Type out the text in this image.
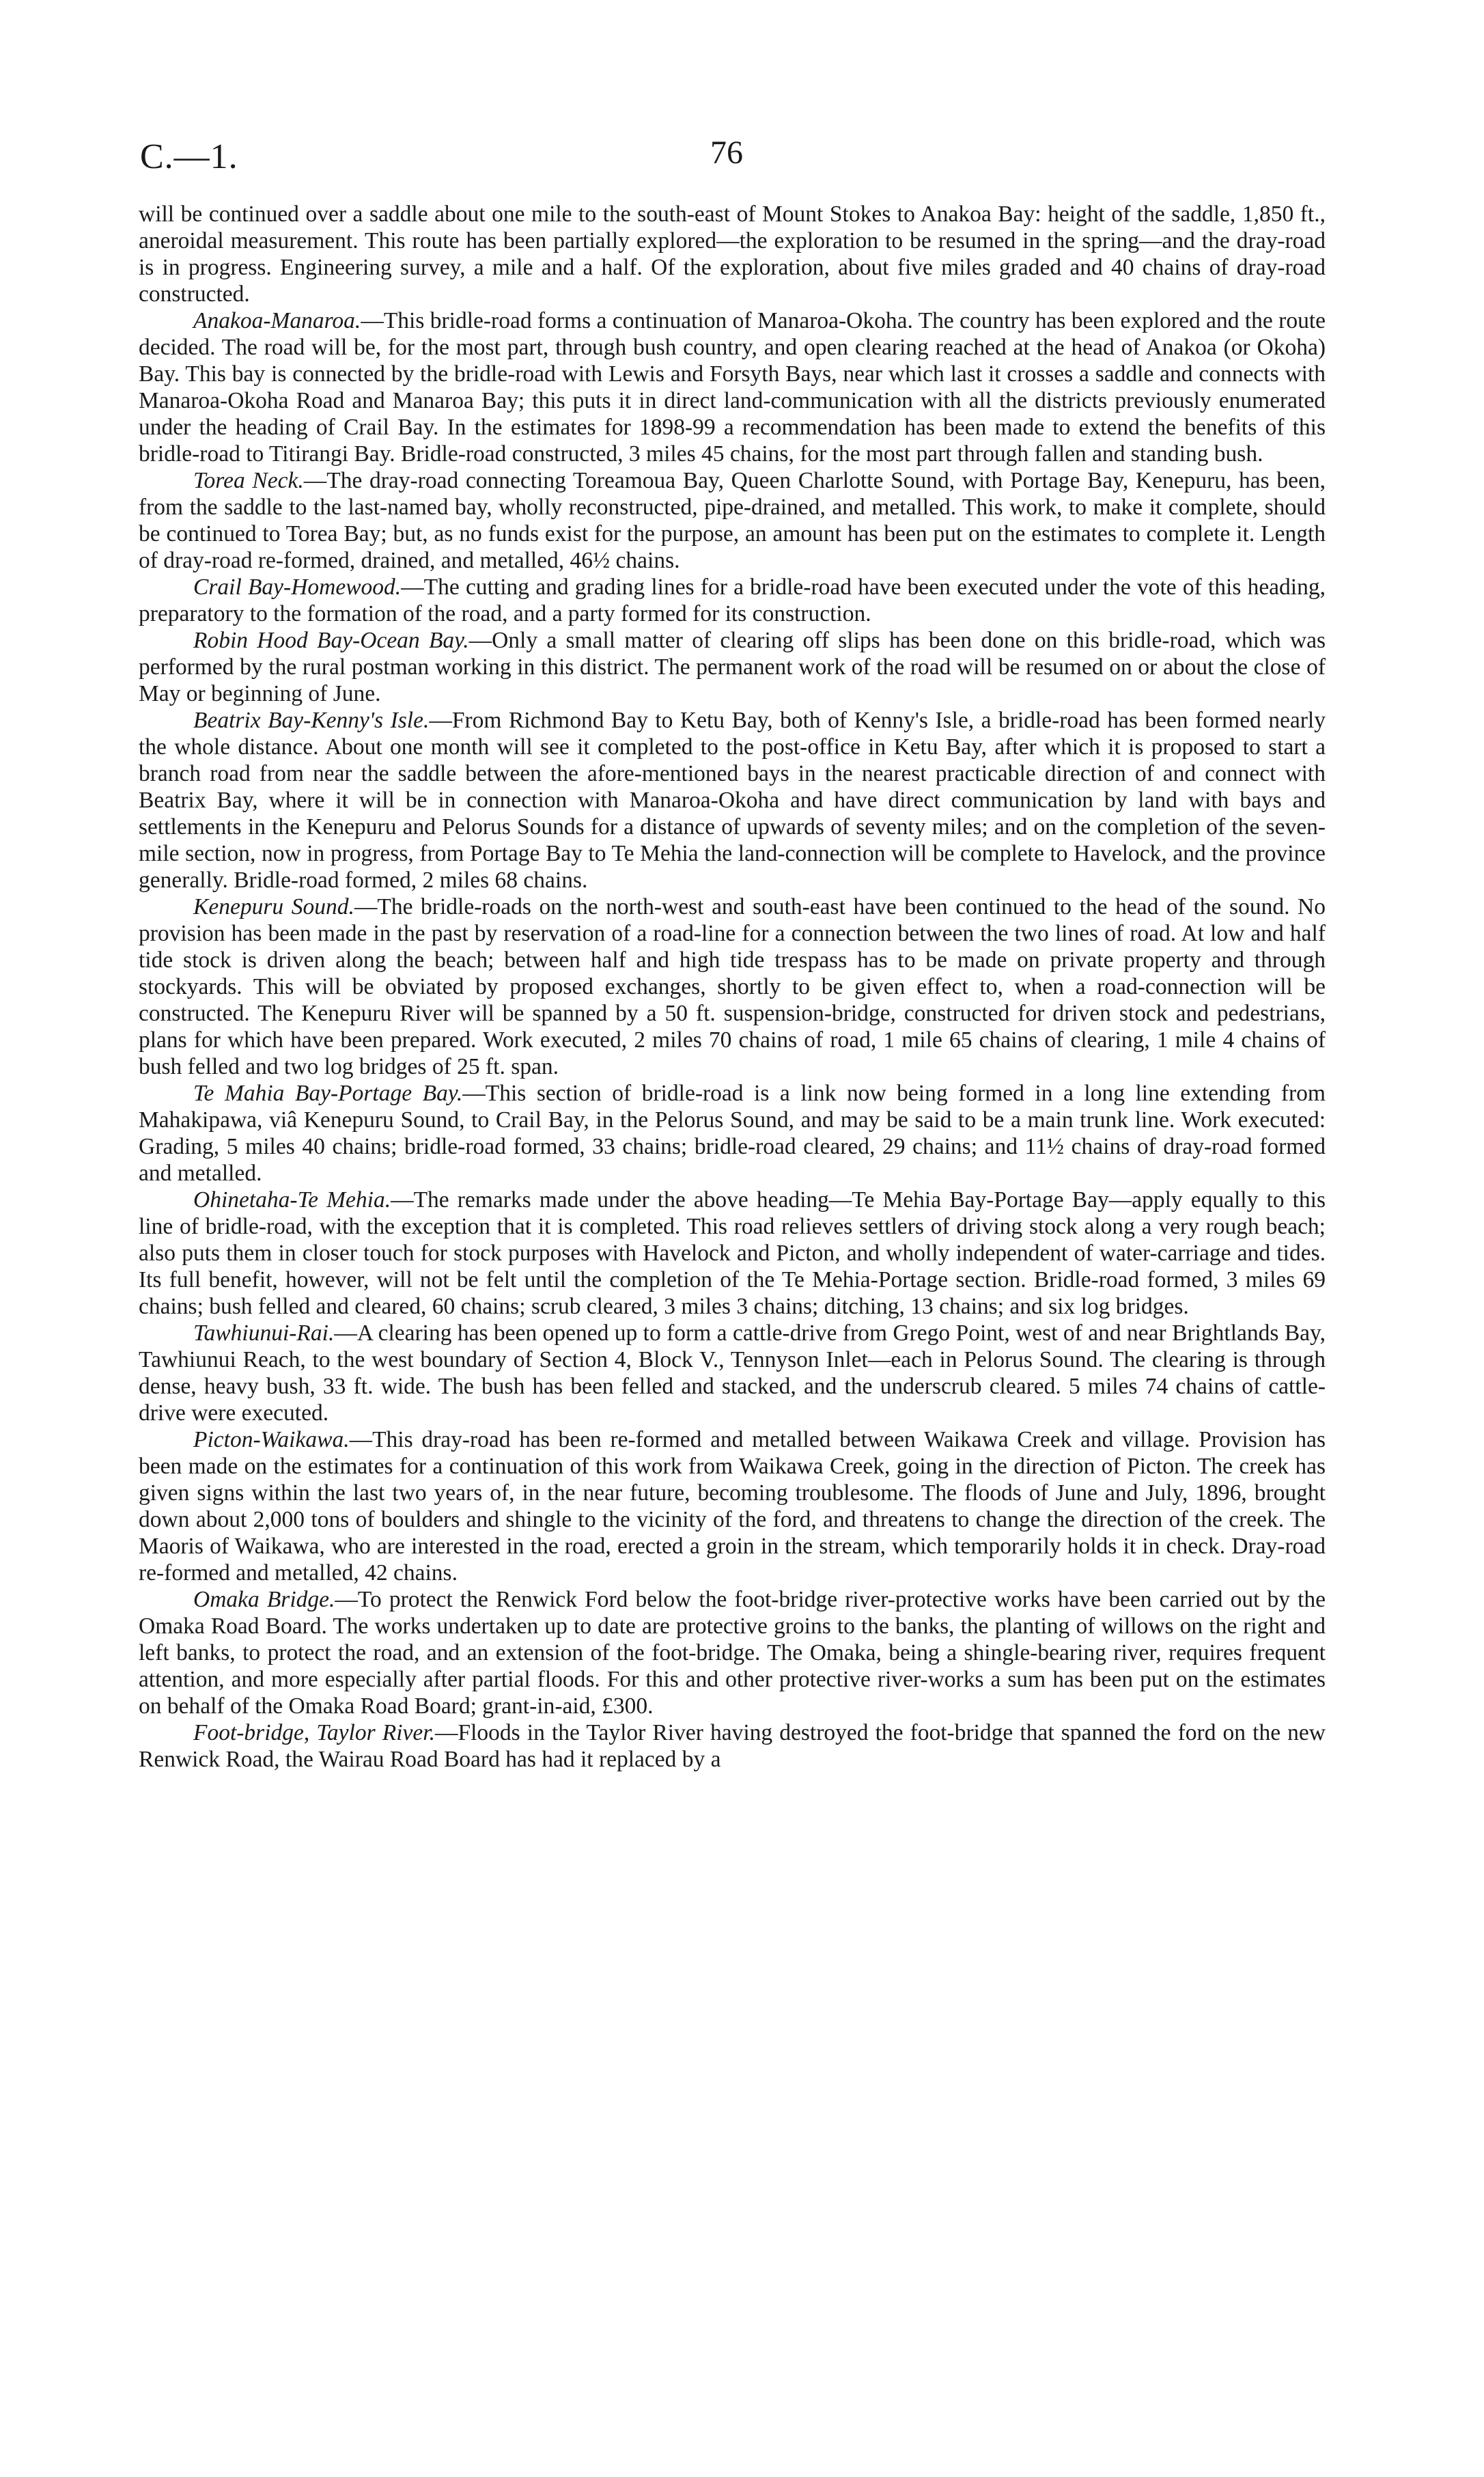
C.—1.	76

will be continued over a saddle about one mile to the south-east of Mount Stokes to Anakoa Bay: height of the saddle, 1,850 ft., aneroidal measurement. This route has been partially explored—the exploration to be resumed in the spring—and the dray-road is in progress. Engineering survey, a mile and a half. Of the exploration, about five miles graded and 40 chains of dray-road constructed.

Anakoa-Manaroa.—This bridle-road forms a continuation of Manaroa-Okoha. The country has been explored and the route decided. The road will be, for the most part, through bush country, and open clearing reached at the head of Anakoa (or Okoha) Bay. This bay is connected by the bridle-road with Lewis and Forsyth Bays, near which last it crosses a saddle and connects with Manaroa-Okoha Road and Manaroa Bay; this puts it in direct land-communication with all the districts previously enumerated under the heading of Crail Bay. In the estimates for 1898-99 a recommendation has been made to extend the benefits of this bridle-road to Titirangi Bay. Bridle-road constructed, 3 miles 45 chains, for the most part through fallen and standing bush.

Torea Neck.—The dray-road connecting Toreamoua Bay, Queen Charlotte Sound, with Portage Bay, Kenepuru, has been, from the saddle to the last-named bay, wholly reconstructed, pipe-drained, and metalled. This work, to make it complete, should be continued to Torea Bay; but, as no funds exist for the purpose, an amount has been put on the estimates to complete it. Length of dray-road re-formed, drained, and metalled, 46½ chains.

Crail Bay-Homewood.—The cutting and grading lines for a bridle-road have been executed under the vote of this heading, preparatory to the formation of the road, and a party formed for its construction.

Robin Hood Bay-Ocean Bay.—Only a small matter of clearing off slips has been done on this bridle-road, which was performed by the rural postman working in this district. The permanent work of the road will be resumed on or about the close of May or beginning of June.

Beatrix Bay-Kenny's Isle.—From Richmond Bay to Ketu Bay, both of Kenny's Isle, a bridle-road has been formed nearly the whole distance. About one month will see it completed to the post-office in Ketu Bay, after which it is proposed to start a branch road from near the saddle between the afore-mentioned bays in the nearest practicable direction of and connect with Beatrix Bay, where it will be in connection with Manaroa-Okoha and have direct communication by land with bays and settlements in the Kenepuru and Pelorus Sounds for a distance of upwards of seventy miles; and on the completion of the seven-mile section, now in progress, from Portage Bay to Te Mehia the land-connection will be complete to Havelock, and the province generally. Bridle-road formed, 2 miles 68 chains.

Kenepuru Sound.—The bridle-roads on the north-west and south-east have been continued to the head of the sound. No provision has been made in the past by reservation of a road-line for a connection between the two lines of road. At low and half tide stock is driven along the beach; between half and high tide trespass has to be made on private property and through stockyards. This will be obviated by proposed exchanges, shortly to be given effect to, when a road-connection will be constructed. The Kenepuru River will be spanned by a 50 ft. suspension-bridge, constructed for driven stock and pedestrians, plans for which have been prepared. Work executed, 2 miles 70 chains of road, 1 mile 65 chains of clearing, 1 mile 4 chains of bush felled and two log bridges of 25 ft. span.

Te Mahia Bay-Portage Bay.—This section of bridle-road is a link now being formed in a long line extending from Mahakipawa, viâ Kenepuru Sound, to Crail Bay, in the Pelorus Sound, and may be said to be a main trunk line. Work executed: Grading, 5 miles 40 chains; bridle-road formed, 33 chains; bridle-road cleared, 29 chains; and 11½ chains of dray-road formed and metalled.

Ohinetaha-Te Mehia.—The remarks made under the above heading—Te Mehia Bay-Portage Bay—apply equally to this line of bridle-road, with the exception that it is completed. This road relieves settlers of driving stock along a very rough beach; also puts them in closer touch for stock purposes with Havelock and Picton, and wholly independent of water-carriage and tides. Its full benefit, however, will not be felt until the completion of the Te Mehia-Portage section. Bridle-road formed, 3 miles 69 chains; bush felled and cleared, 60 chains; scrub cleared, 3 miles 3 chains; ditching, 13 chains; and six log bridges.

Tawhiunui-Rai.—A clearing has been opened up to form a cattle-drive from Grego Point, west of and near Brightlands Bay, Tawhiunui Reach, to the west boundary of Section 4, Block V., Tennyson Inlet—each in Pelorus Sound. The clearing is through dense, heavy bush, 33 ft. wide. The bush has been felled and stacked, and the underscrub cleared. 5 miles 74 chains of cattle-drive were executed.

Picton-Waikawa.—This dray-road has been re-formed and metalled between Waikawa Creek and village. Provision has been made on the estimates for a continuation of this work from Waikawa Creek, going in the direction of Picton. The creek has given signs within the last two years of, in the near future, becoming troublesome. The floods of June and July, 1896, brought down about 2,000 tons of boulders and shingle to the vicinity of the ford, and threatens to change the direction of the creek. The Maoris of Waikawa, who are interested in the road, erected a groin in the stream, which temporarily holds it in check. Dray-road re-formed and metalled, 42 chains.

Omaka Bridge.—To protect the Renwick Ford below the foot-bridge river-protective works have been carried out by the Omaka Road Board. The works undertaken up to date are protective groins to the banks, the planting of willows on the right and left banks, to protect the road, and an extension of the foot-bridge. The Omaka, being a shingle-bearing river, requires frequent attention, and more especially after partial floods. For this and other protective river-works a sum has been put on the estimates on behalf of the Omaka Road Board; grant-in-aid, £300.

Foot-bridge, Taylor River.—Floods in the Taylor River having destroyed the foot-bridge that spanned the ford on the new Renwick Road, the Wairau Road Board has had it replaced by a
